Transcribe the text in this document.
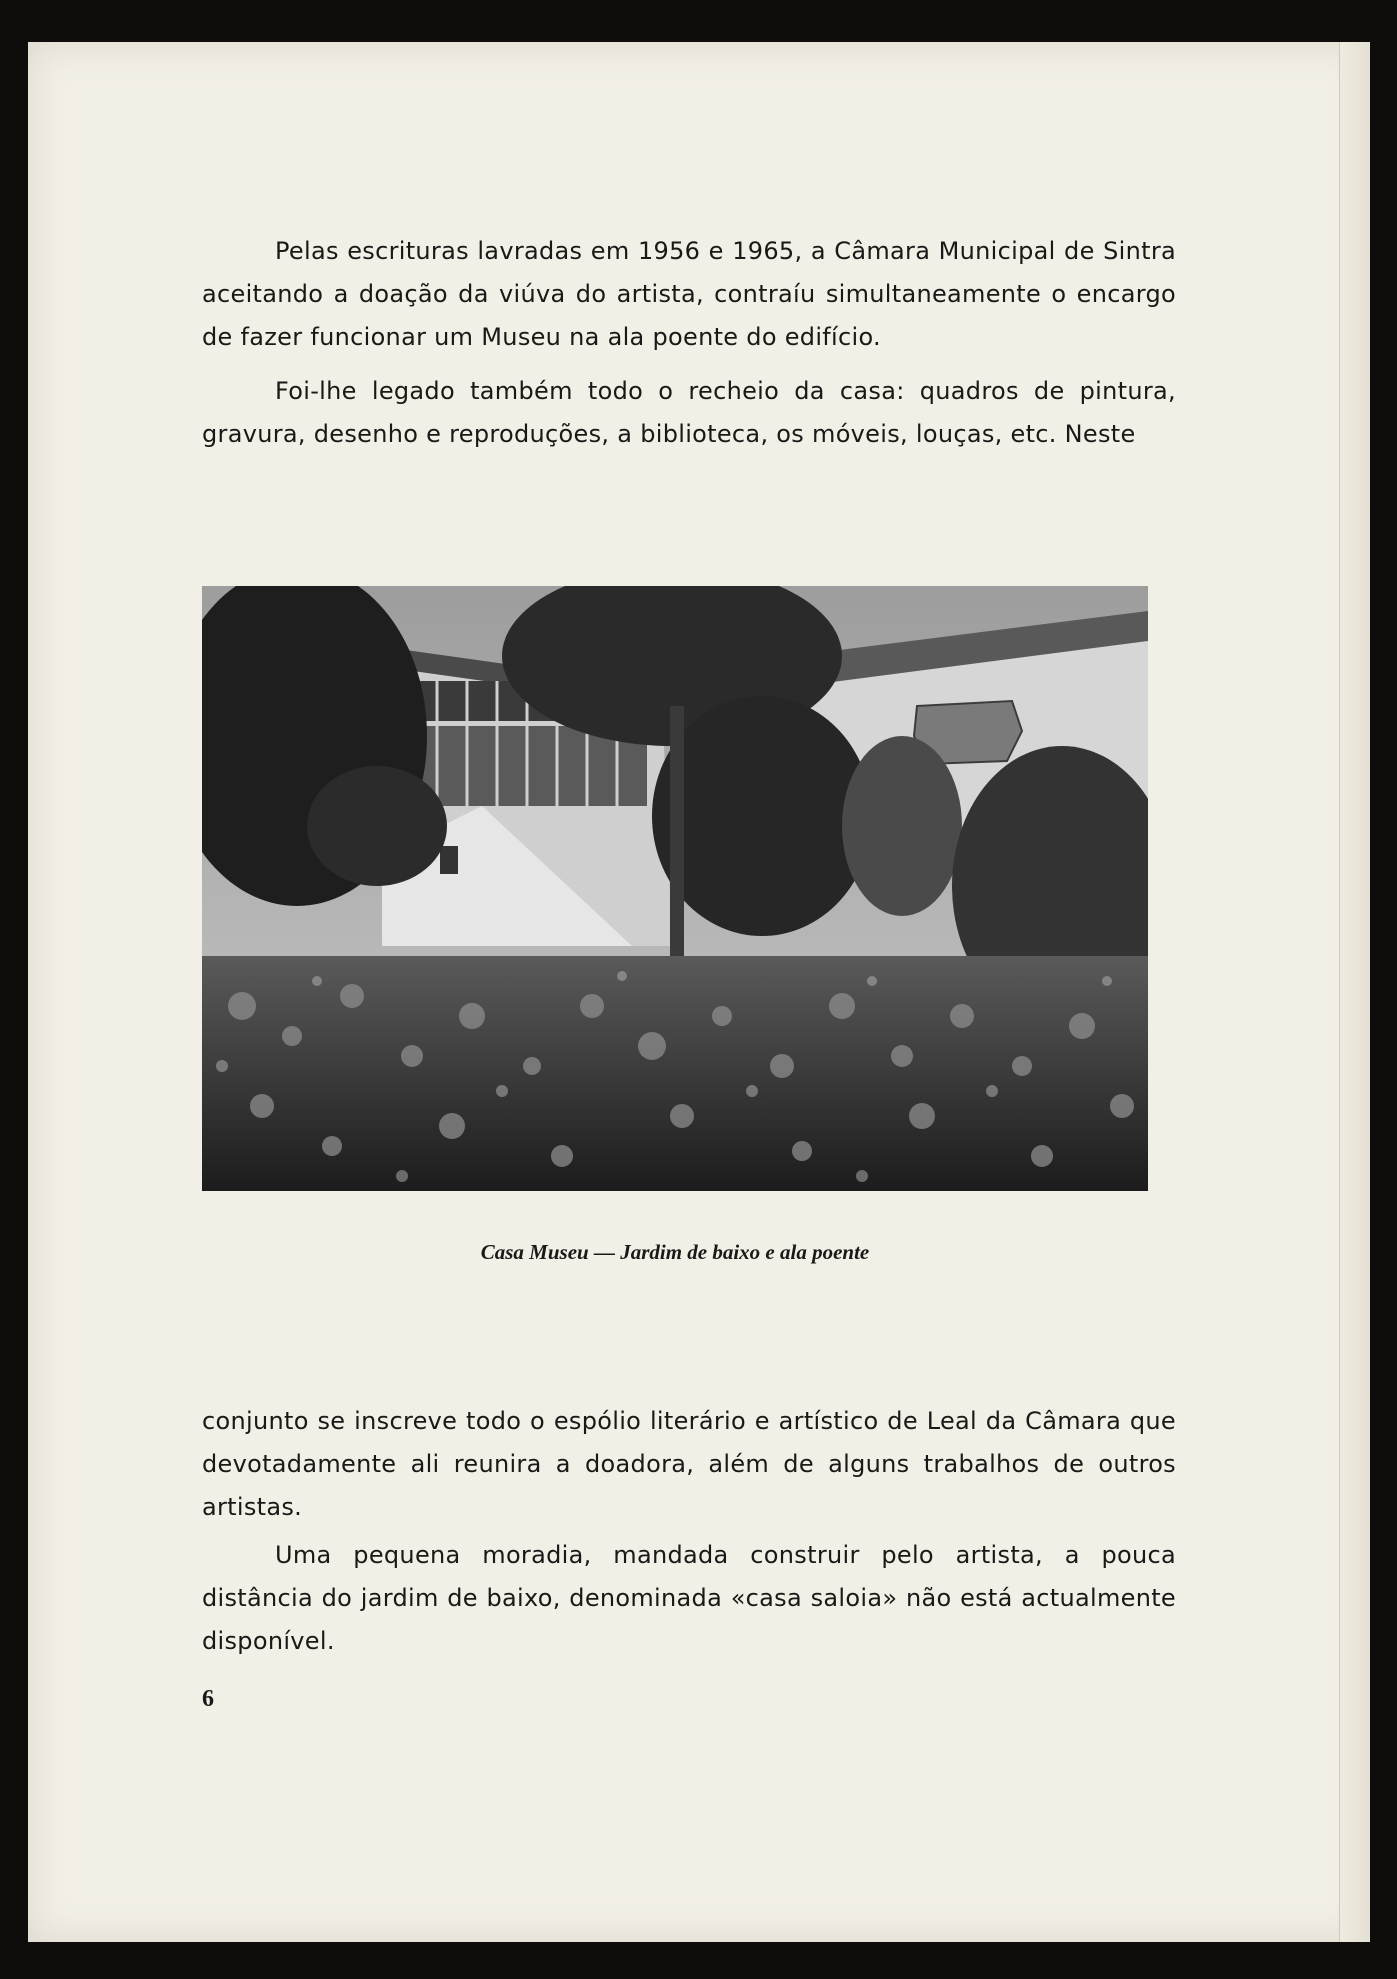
Pelas escrituras lavradas em 1956 e 1965, a Câmara Municipal de Sintra aceitando a doação da viúva do artista, contraíu simultaneamente o encargo de fazer funcionar um Museu na ala poente do edifício.

Foi-lhe legado também todo o recheio da casa: quadros de pintura, gravura, desenho e reproduções, a biblioteca, os móveis, louças, etc. Neste

Casa Museu — Jardim de baixo e ala poente

conjunto se inscreve todo o espólio literário e artístico de Leal da Câmara que devotadamente ali reunira a doadora, além de alguns trabalhos de outros artistas.

Uma pequena moradia, mandada construir pelo artista, a pouca distância do jardim de baixo, denominada «casa saloia» não está actualmente disponível.

6
